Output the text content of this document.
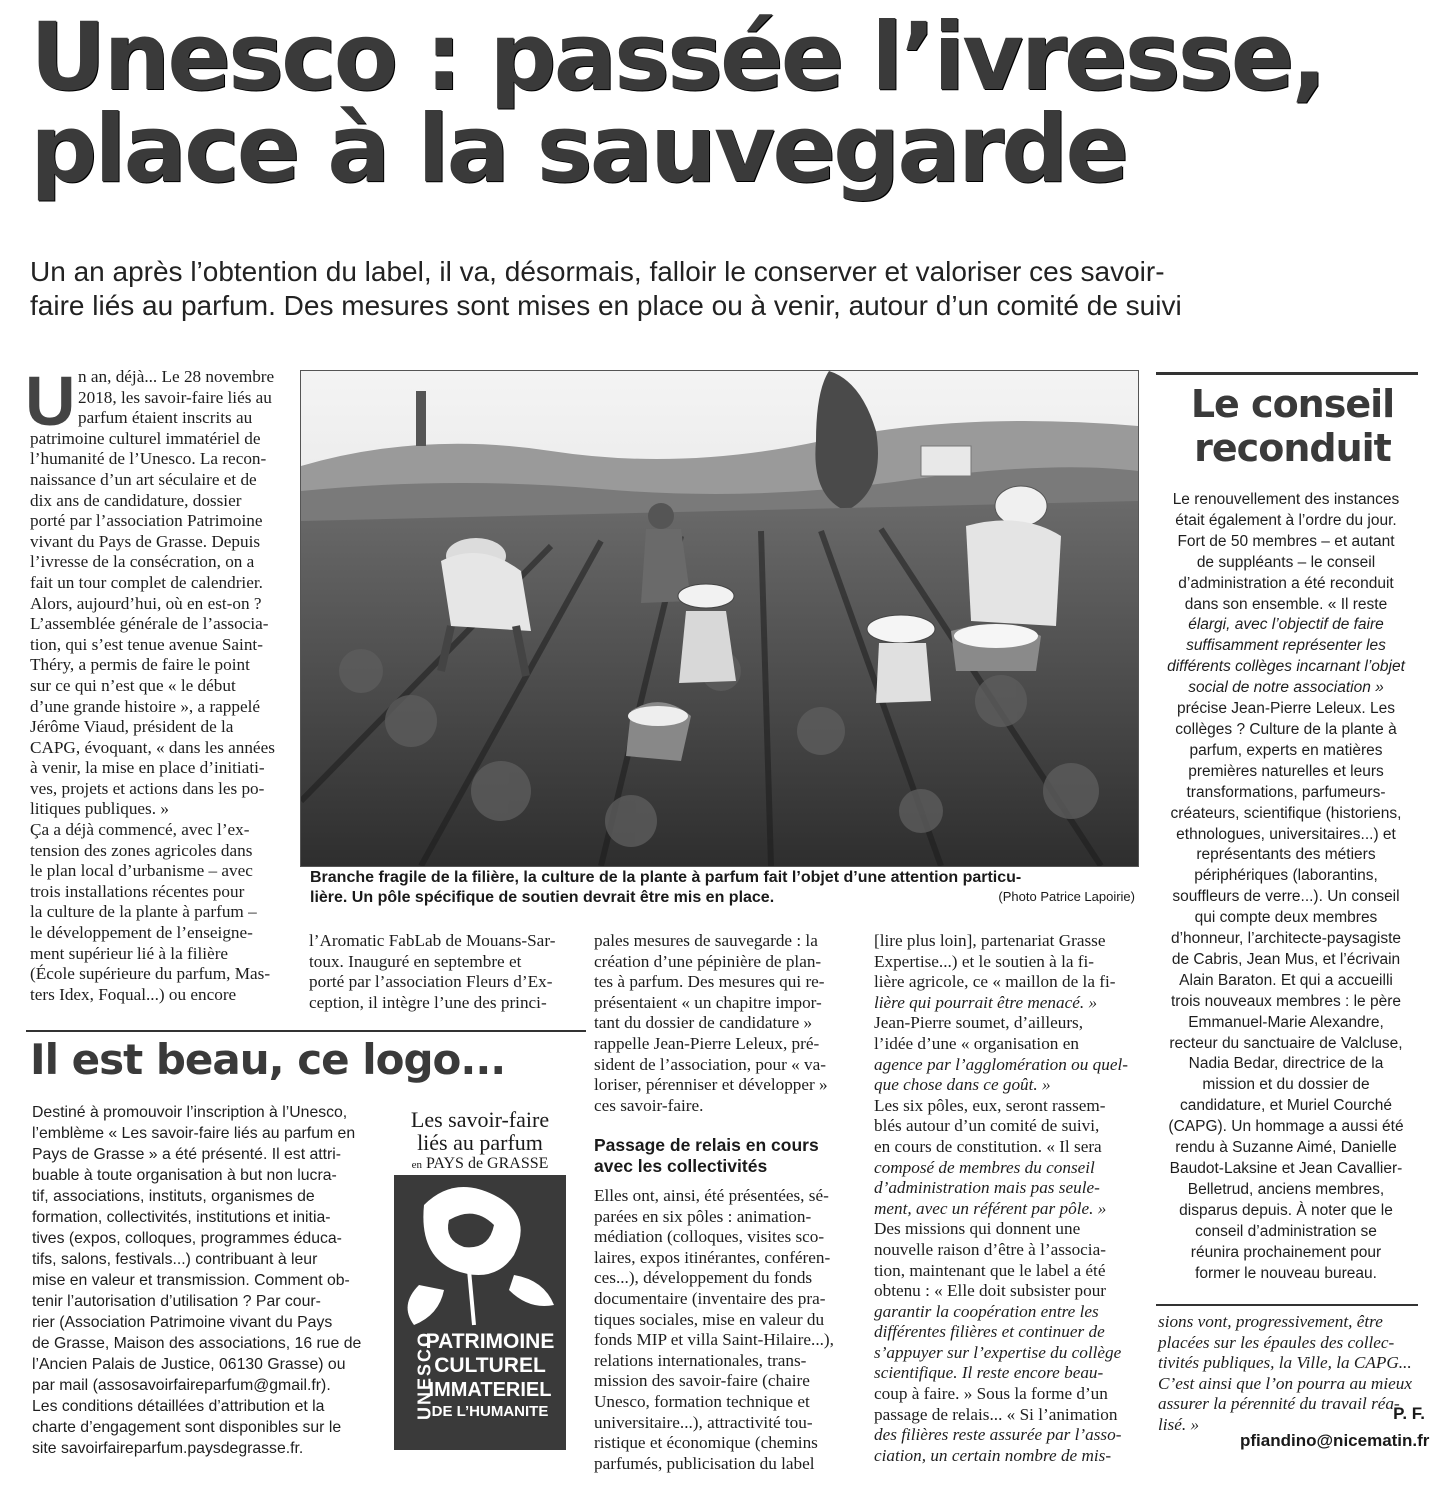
Unesco : passée l’ivresse,
place à la sauvegarde
Un an après l’obtention du label, il va, désormais, falloir le conserver et valoriser ces savoir-
faire liés au parfum. Des mesures sont mises en place ou à venir, autour d’un comité de suivi
U n an, déjà... Le 28 novembre
2018, les savoir-faire liés au
parfum étaient inscrits au
patrimoine culturel immatériel de
l’humanité de l’Unesco. La recon-
naissance d’un art séculaire et de
dix ans de candidature, dossier
porté par l’association Patrimoine
vivant du Pays de Grasse. Depuis
l’ivresse de la consécration, on a
fait un tour complet de calendrier.
Alors, aujourd’hui, où en est-on ?
L’assemblée générale de l’associa-
tion, qui s’est tenue avenue Saint-
Théry, a permis de faire le point
sur ce qui n’est que « le début
d’une grande histoire », a rappelé
Jérôme Viaud, président de la
CAPG, évoquant, « dans les années
à venir, la mise en place d’initiati-
ves, projets et actions dans les po-
litiques publiques. »
Ça a déjà commencé, avec l’ex-
tension des zones agricoles dans
le plan local d’urbanisme – avec
trois installations récentes pour
la culture de la plante à parfum –
le développement de l’enseigne-
ment supérieur lié à la filière
(École supérieure du parfum, Mas-
ters Idex, Foqual...) ou encore
Branche fragile de la filière, la culture de la plante à parfum fait l’objet d’une attention particu-
lière. Un pôle spécifique de soutien devrait être mis en place.	(Photo Patrice Lapoirie)
l’Aromatic FabLab de Mouans-Sar-
toux. Inauguré en septembre et
porté par l’association Fleurs d’Ex-
ception, il intègre l’une des princi-
pales mesures de sauvegarde : la
création d’une pépinière de plan-
tes à parfum. Des mesures qui re-
présentaient « un chapitre impor-
tant du dossier de candidature »
rappelle Jean-Pierre Leleux, pré-
sident de l’association, pour « va-
loriser, pérenniser et développer »
ces savoir-faire.
Passage de relais en cours
avec les collectivités
Elles ont, ainsi, été présentées, sé-
parées en six pôles : animation-
médiation (colloques, visites sco-
laires, expos itinérantes, conféren-
ces...), développement du fonds
documentaire (inventaire des pra-
tiques sociales, mise en valeur du
fonds MIP et villa Saint-Hilaire...),
relations internationales, trans-
mission des savoir-faire (chaire
Unesco, formation technique et
universitaire...), attractivité tou-
ristique et économique (chemins
parfumés, publicisation du label
[lire plus loin], partenariat Grasse
Expertise...) et le soutien à la fi-
lière agricole, ce « maillon de la fi-
lière qui pourrait être menacé. »
Jean-Pierre soumet, d’ailleurs,
l’idée d’une « organisation en
agence par l’agglomération ou quel-
que chose dans ce goût. »
Les six pôles, eux, seront rassem-
blés autour d’un comité de suivi,
en cours de constitution. « Il sera
composé de membres du conseil
d’administration mais pas seule-
ment, avec un référent par pôle. »
Des missions qui donnent une
nouvelle raison d’être à l’associa-
tion, maintenant que le label a été
obtenu : « Elle doit subsister pour
garantir la coopération entre les
différentes filières et continuer de
s’appuyer sur l’expertise du collège
scientifique. Il reste encore beau-
coup à faire. » Sous la forme d’un
passage de relais... « Si l’animation
des filières reste assurée par l’asso-
ciation, un certain nombre de mis-
Le conseil
reconduit
Le renouvellement des instances
était également à l’ordre du jour.
Fort de 50 membres – et autant
de suppléants – le conseil
d’administration a été reconduit
dans son ensemble. « Il reste
élargi, avec l’objectif de faire
suffisamment représenter les
différents collèges incarnant l’objet
social de notre association »
précise Jean-Pierre Leleux. Les
collèges ? Culture de la plante à
parfum, experts en matières
premières naturelles et leurs
transformations, parfumeurs-
créateurs, scientifique (historiens,
ethnologues, universitaires...) et
représentants des métiers
périphériques (laborantins,
souffleurs de verre...). Un conseil
qui compte deux membres
d’honneur, l’architecte-paysagiste
de Cabris, Jean Mus, et l’écrivain
Alain Baraton. Et qui a accueilli
trois nouveaux membres : le père
Emmanuel-Marie Alexandre,
recteur du sanctuaire de Valcluse,
Nadia Bedar, directrice de la
mission et du dossier de
candidature, et Muriel Courché
(CAPG). Un hommage a aussi été
rendu à Suzanne Aimé, Danielle
Baudot-Laksine et Jean Cavallier-
Belletrud, anciens membres,
disparus depuis. À noter que le
conseil d’administration se
réunira prochainement pour
former le nouveau bureau.
sions vont, progressivement, être
placées sur les épaules des collec-
tivités publiques, la Ville, la CAPG...
C’est ainsi que l’on pourra au mieux
assurer la pérennité du travail réa-
lisé. »
P. F.
pfiandino@nicematin.fr
Il est beau, ce logo...
Destiné à promouvoir l’inscription à l’Unesco,
l’emblème « Les savoir-faire liés au parfum en
Pays de Grasse » a été présenté. Il est attri-
buable à toute organisation à but non lucra-
tif, associations, instituts, organismes de
formation, collectivités, institutions et initia-
tives (expos, colloques, programmes éduca-
tifs, salons, festivals...) contribuant à leur
mise en valeur et transmission. Comment ob-
tenir l’autorisation d’utilisation ? Par cour-
rier (Association Patrimoine vivant du Pays
de Grasse, Maison des associations, 16 rue de
l’Ancien Palais de Justice, 06130 Grasse) ou
par mail (assosavoirfaireparfum@gmail.fr).
Les conditions détaillées d’attribution et la
charte d’engagement sont disponibles sur le
site savoirfaireparfum.paysdegrasse.fr.
Les savoir-faire
liés au parfum
en PAYS de GRASSE
UNESCO
PATRIMOINE
CULTUREL
IMMATERIEL
DE L’HUMANITE
